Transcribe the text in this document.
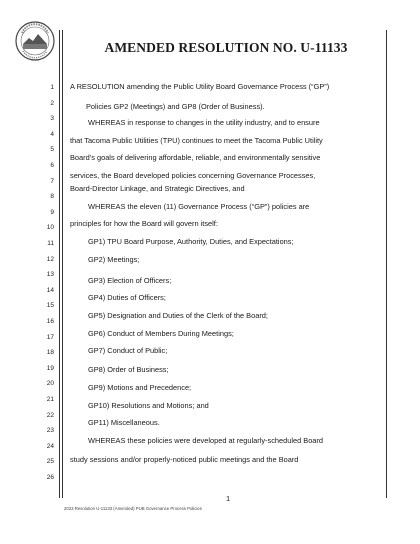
AMENDED RESOLUTION NO. U-11133
1 A RESOLUTION amending the Public Utility Board Governance Process (“GP”)
2	Policies GP2 (Meetings) and GP8 (Order of Business).
3	WHEREAS in response to changes in the utility industry, and to ensure
4
that Tacoma Public Utilities (TPU) continues to meet the Tacoma Public Utility
5
Board’s goals of delivering affordable, reliable, and environmentally sensitive
6
services, the Board developed policies concerning Governance Processes,
7
8
Board-Director Linkage, and Strategic Directives, and
9
WHEREAS the eleven (11) Governance Process (“GP”) policies are
10 principles for how the Board will govern itself:
11	GP1) TPU Board Purpose, Authority, Duties, and Expectations;
12	GP2) Meetings;
13
14
GP3) Election of Officers;
15
GP4) Duties of Officers;
16
GP5) Designation and Duties of the Clerk of the Board;
17	GP6) Conduct of Members During Meetings;
18	GP7) Conduct of Public;
19
20
GP8) Order of Business;
21
GP9) Motions and Precedence;
22
GP10) Resolutions and Motions; and
23
GP11) Miscellaneous.
24
WHEREAS these policies were developed at regularly-scheduled Board
25
26
study sessions and/or properly-noticed public meetings and the Board
1
2023 Resolution U-11133 (Amended) PUB Governance Process Policies
